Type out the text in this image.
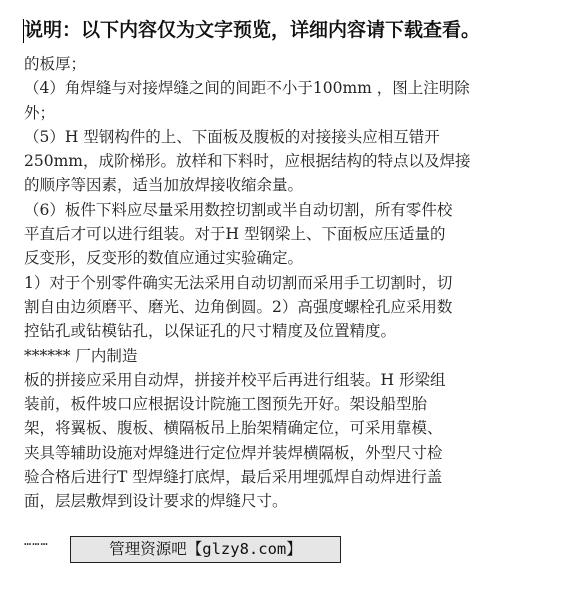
说明：以下内容仅为文字预览，详细内容请下载查看。

的板厚；

（4）角焊缝与对接焊缝之间的间距不小于100mm ，图上注明除

外；

（5）H 型钢构件的上、下面板及腹板的对接接头应相互错开

250mm，成阶梯形。放样和下料时，应根据结构的特点以及焊接

的顺序等因素，适当加放焊接收缩余量。

（6）板件下料应尽量采用数控切割或半自动切割，所有零件校

平直后才可以进行组装。对于H 型钢梁上、下面板应压适量的

反变形，反变形的数值应通过实验确定。

1）对于个别零件确实无法采用自动切割而采用手工切割时，切

割自由边须磨平、磨光、边角倒圆。2）高强度螺栓孔应采用数

控钻孔或钻模钻孔，以保证孔的尺寸精度及位置精度。

****** 厂内制造

板的拼接应采用自动焊，拼接并校平后再进行组装。H 形梁组

装前，板件坡口应根据设计院施工图预先开好。架设船型胎

架，将翼板、腹板、横隔板吊上胎架精确定位，可采用靠模、

夹具等辅助设施对焊缝进行定位焊并装焊横隔板，外型尺寸检

验合格后进行T 型焊缝打底焊，最后采用埋弧焊自动焊进行盖

面，层层敷焊到设计要求的焊缝尺寸。

………	管理资源吧【glzy8.com】
